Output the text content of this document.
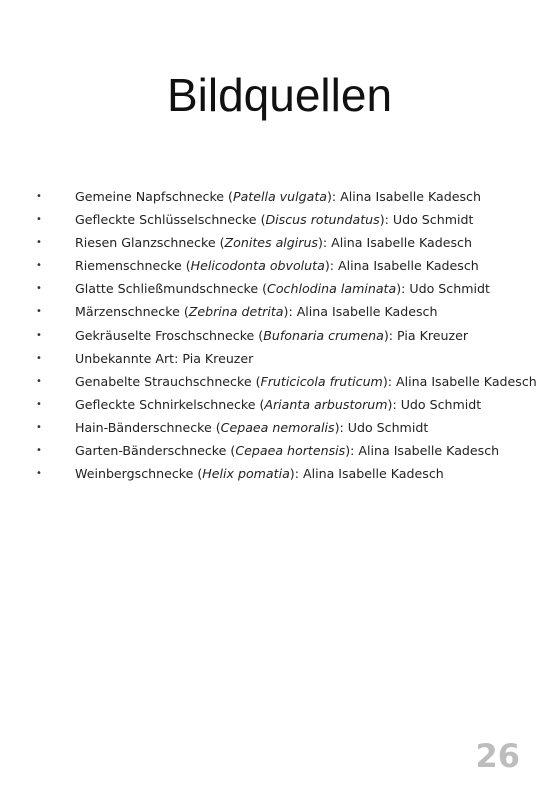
Bildquellen
•	Gemeine Napfschnecke (Patella vulgata): Alina Isabelle Kadesch
•	Gefleckte Schlüsselschnecke (Discus rotundatus): Udo Schmidt
•	Riesen Glanzschnecke (Zonites algirus): Alina Isabelle Kadesch
•	Riemenschnecke (Helicodonta obvoluta): Alina Isabelle Kadesch
•	Glatte Schließmundschnecke (Cochlodina laminata): Udo Schmidt
•	Märzenschnecke (Zebrina detrita): Alina Isabelle Kadesch
•	Gekräuselte Froschschnecke (Bufonaria crumena): Pia Kreuzer
•	Unbekannte Art: Pia Kreuzer
•	Genabelte Strauchschnecke (Fruticicola fruticum): Alina Isabelle Kadesch
•	Gefleckte Schnirkelschnecke (Arianta arbustorum): Udo Schmidt
•	Hain-Bänderschnecke (Cepaea nemoralis): Udo Schmidt
•	Garten-Bänderschnecke (Cepaea hortensis): Alina Isabelle Kadesch
•	Weinbergschnecke (Helix pomatia): Alina Isabelle Kadesch
26
